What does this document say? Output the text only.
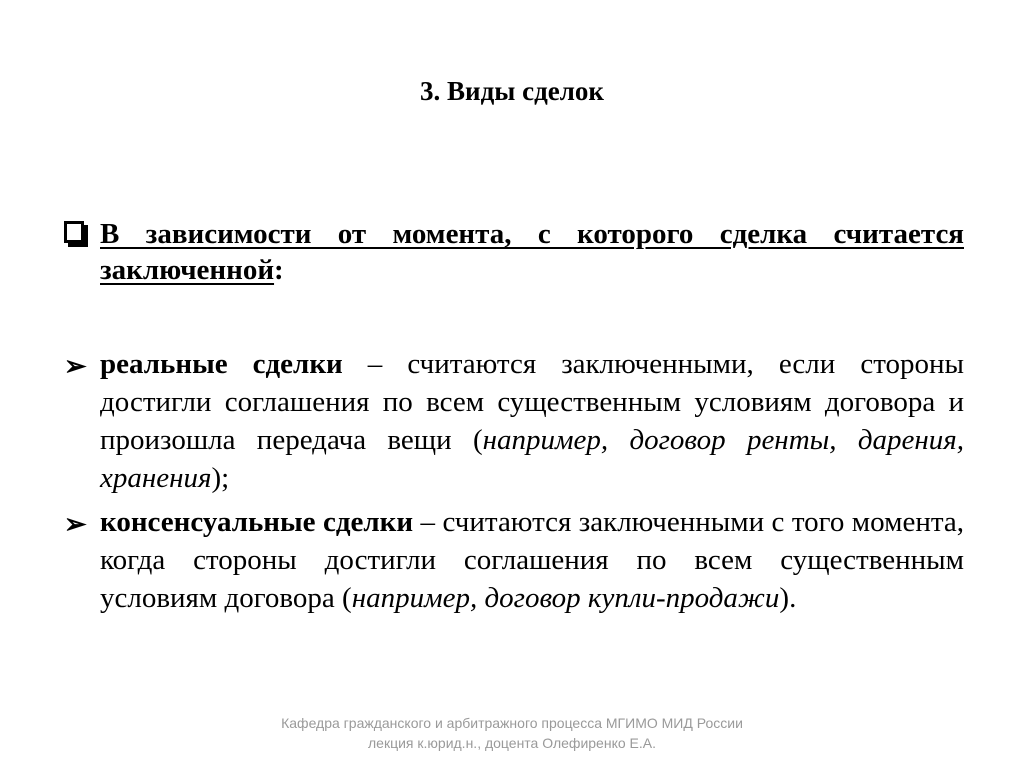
3. Виды сделок
В зависимости от момента, с которого сделка считается заключенной:
➢ реальные сделки – считаются заключенными, если стороны достигли соглашения по всем существенным условиям договора и произошла передача вещи (например, договор ренты, дарения, хранения);
➢ консенсуальные сделки – считаются заключенными с того момента, когда стороны достигли соглашения по всем существенным условиям договора (например, договор купли-продажи).
Кафедра гражданского и арбитражного процесса МГИМО МИД России
лекция к.юрид.н., доцента Олефиренко Е.А.
